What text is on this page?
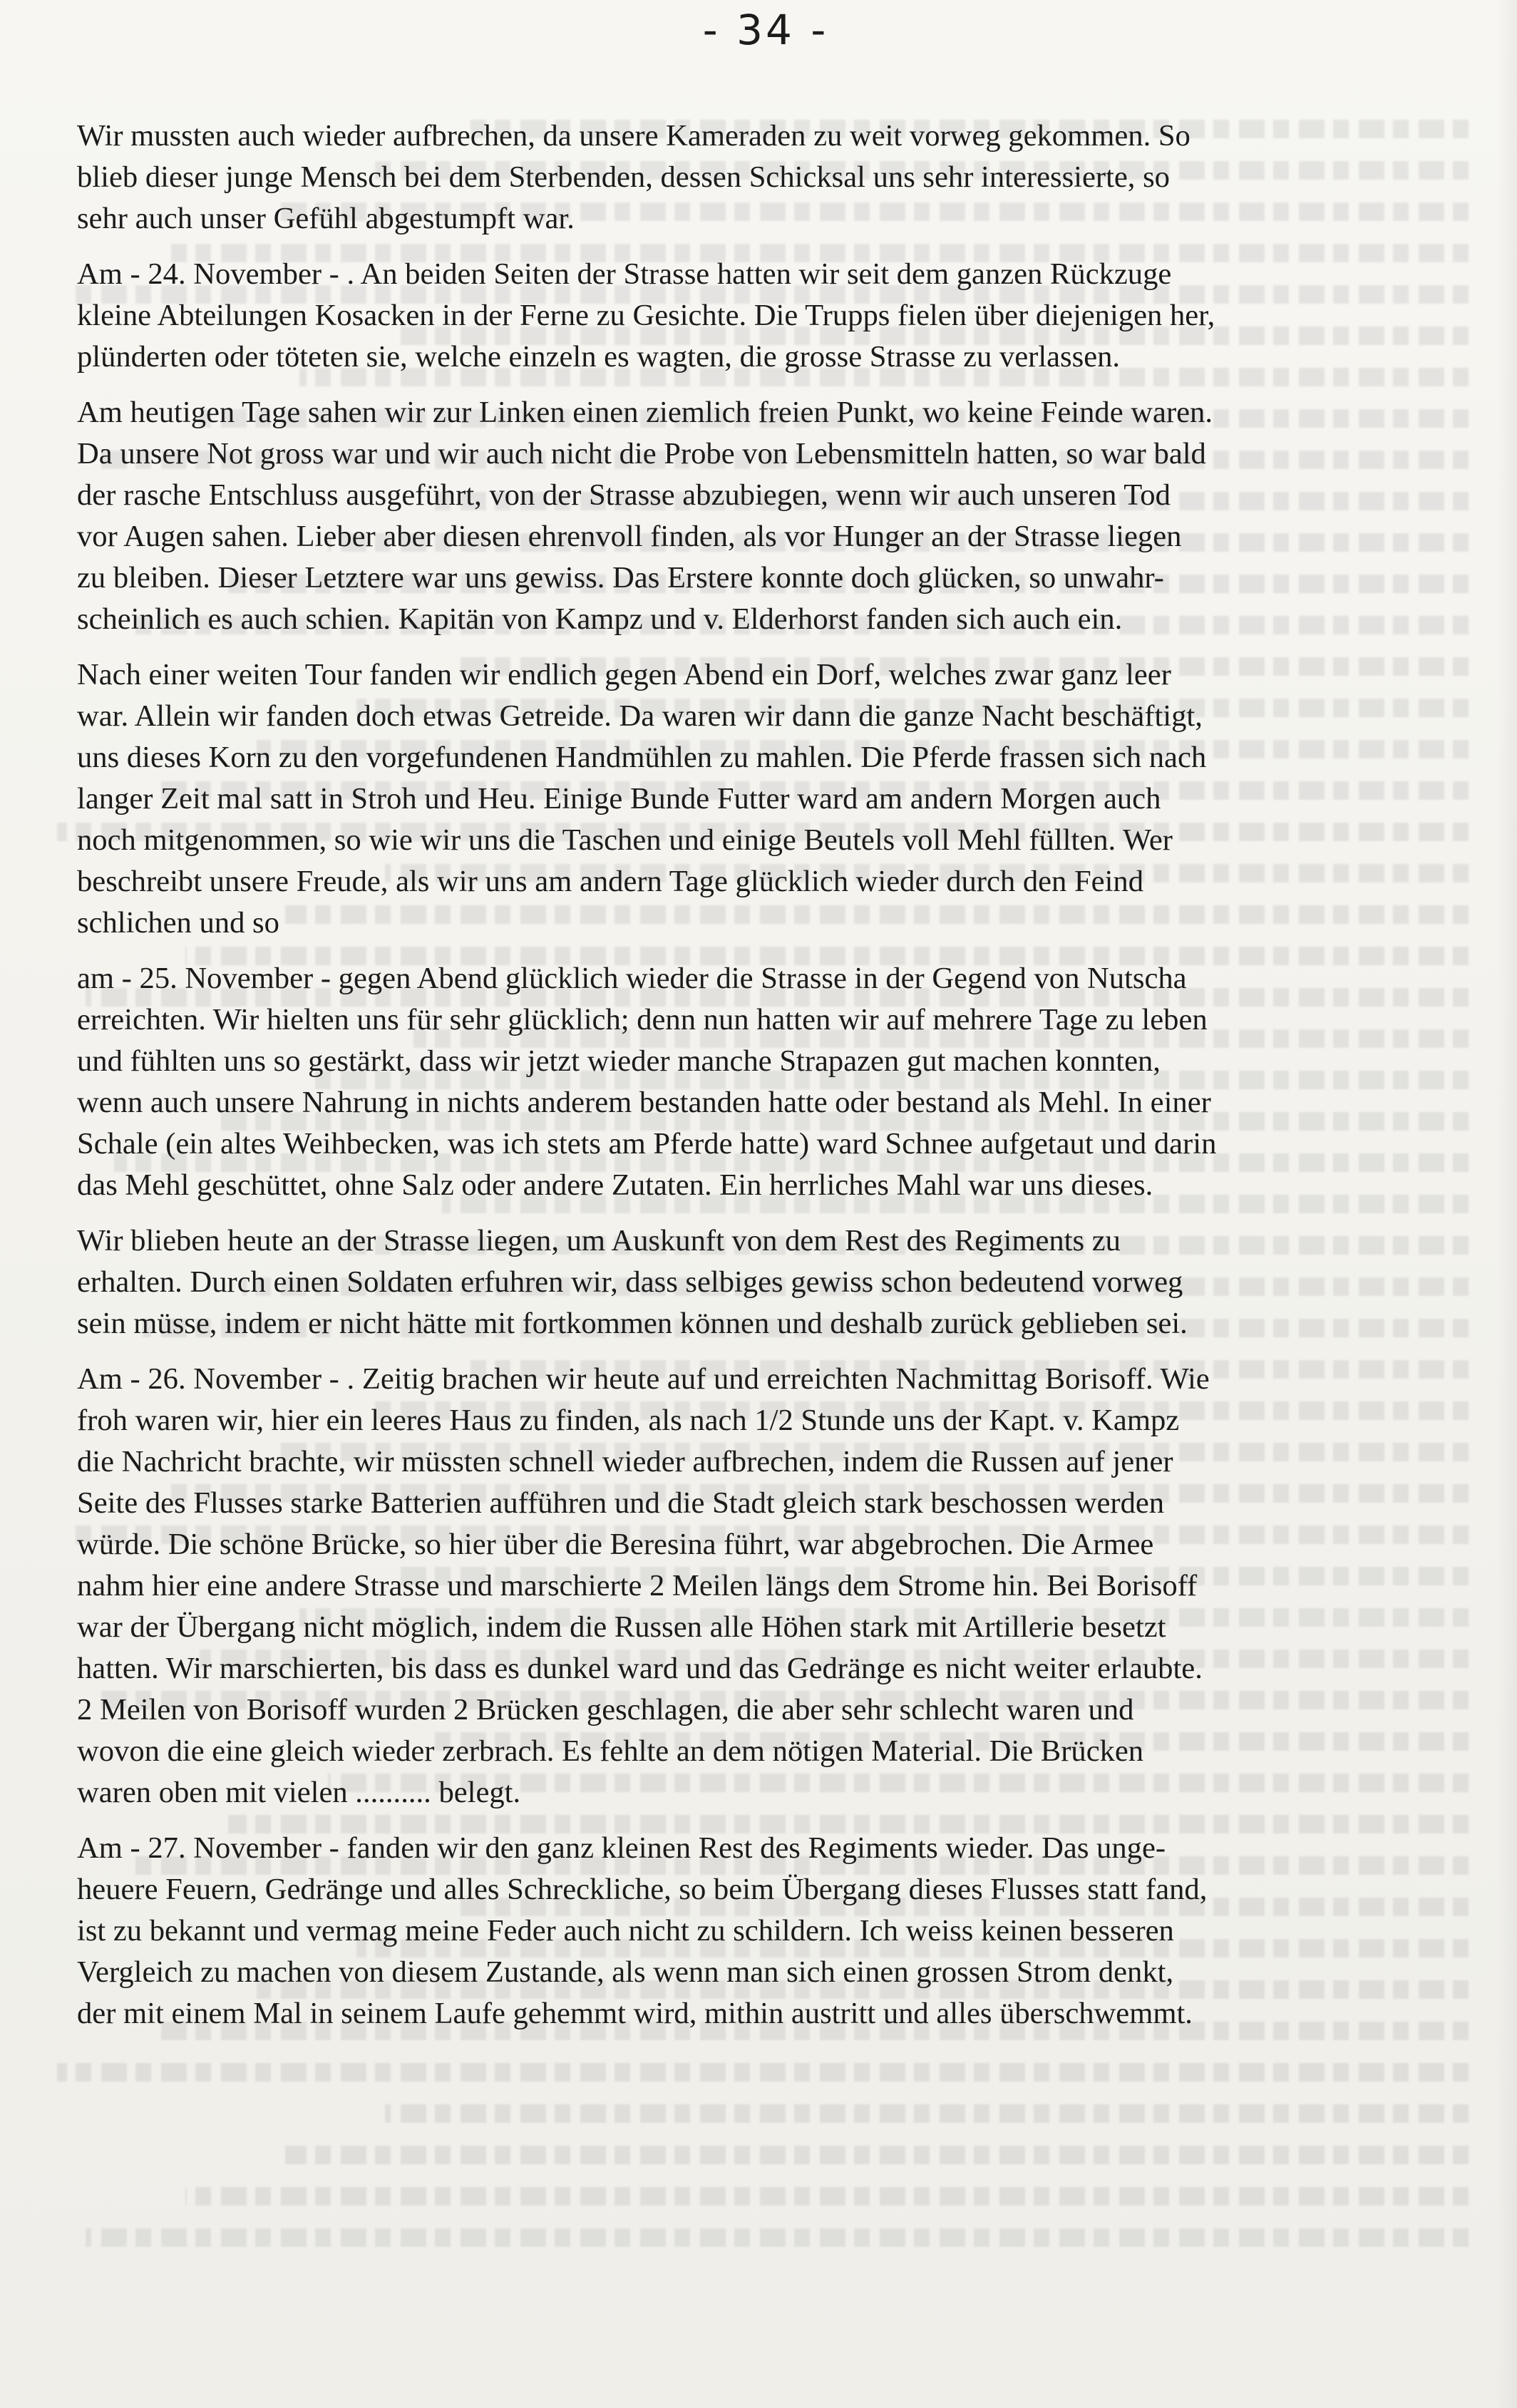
- 34 -

Wir mussten auch wieder aufbrechen, da unsere Kameraden zu weit vorweg gekommen. So
blieb dieser junge Mensch bei dem Sterbenden, dessen Schicksal uns sehr interessierte, so
sehr auch unser Gefühl abgestumpft war.

Am - 24. November - . An beiden Seiten der Strasse hatten wir seit dem ganzen Rückzuge
kleine Abteilungen Kosacken in der Ferne zu Gesichte. Die Trupps fielen über diejenigen her,
plünderten oder töteten sie, welche einzeln es wagten, die grosse Strasse zu verlassen.

Am heutigen Tage sahen wir zur Linken einen ziemlich freien Punkt, wo keine Feinde waren.
Da unsere Not gross war und wir auch nicht die Probe von Lebensmitteln hatten, so war bald
der rasche Entschluss ausgeführt, von der Strasse abzubiegen, wenn wir auch unseren Tod
vor Augen sahen. Lieber aber diesen ehrenvoll finden, als vor Hunger an der Strasse liegen
zu bleiben. Dieser Letztere war uns gewiss. Das Erstere konnte doch glücken, so unwahr-
scheinlich es auch schien. Kapitän von Kampz und v. Elderhorst fanden sich auch ein.

Nach einer weiten Tour fanden wir endlich gegen Abend ein Dorf, welches zwar ganz leer
war. Allein wir fanden doch etwas Getreide. Da waren wir dann die ganze Nacht beschäftigt,
uns dieses Korn zu den vorgefundenen Handmühlen zu mahlen. Die Pferde frassen sich nach
langer Zeit mal satt in Stroh und Heu. Einige Bunde Futter ward am andern Morgen auch
noch mitgenommen, so wie wir uns die Taschen und einige Beutels voll Mehl füllten. Wer
beschreibt unsere Freude, als wir uns am andern Tage glücklich wieder durch den Feind
schlichen und so

am - 25. November - gegen Abend glücklich wieder die Strasse in der Gegend von Nutscha
erreichten. Wir hielten uns für sehr glücklich; denn nun hatten wir auf mehrere Tage zu leben
und fühlten uns so gestärkt, dass wir jetzt wieder manche Strapazen gut machen konnten,
wenn auch unsere Nahrung in nichts anderem bestanden hatte oder bestand als Mehl. In einer
Schale (ein altes Weihbecken, was ich stets am Pferde hatte) ward Schnee aufgetaut und darin
das Mehl geschüttet, ohne Salz oder andere Zutaten. Ein herrliches Mahl war uns dieses.

Wir blieben heute an der Strasse liegen, um Auskunft von dem Rest des Regiments zu
erhalten. Durch einen Soldaten erfuhren wir, dass selbiges gewiss schon bedeutend vorweg
sein müsse, indem er nicht hätte mit fortkommen können und deshalb zurück geblieben sei.

Am - 26. November - . Zeitig brachen wir heute auf und erreichten Nachmittag Borisoff. Wie
froh waren wir, hier ein leeres Haus zu finden, als nach 1/2 Stunde uns der Kapt. v. Kampz
die Nachricht brachte, wir müssten schnell wieder aufbrechen, indem die Russen auf jener
Seite des Flusses starke Batterien aufführen und die Stadt gleich stark beschossen werden
würde. Die schöne Brücke, so hier über die Beresina führt, war abgebrochen. Die Armee
nahm hier eine andere Strasse und marschierte 2 Meilen längs dem Strome hin. Bei Borisoff
war der Übergang nicht möglich, indem die Russen alle Höhen stark mit Artillerie besetzt
hatten. Wir marschierten, bis dass es dunkel ward und das Gedränge es nicht weiter erlaubte.
2 Meilen von Borisoff wurden 2 Brücken geschlagen, die aber sehr schlecht waren und
wovon die eine gleich wieder zerbrach. Es fehlte an dem nötigen Material. Die Brücken
waren oben mit vielen .......... belegt.

Am - 27. November - fanden wir den ganz kleinen Rest des Regiments wieder. Das unge-
heuere Feuern, Gedränge und alles Schreckliche, so beim Übergang dieses Flusses statt fand,
ist zu bekannt und vermag meine Feder auch nicht zu schildern. Ich weiss keinen besseren
Vergleich zu machen von diesem Zustande, als wenn man sich einen grossen Strom denkt,
der mit einem Mal in seinem Laufe gehemmt wird, mithin austritt und alles überschwemmt.
